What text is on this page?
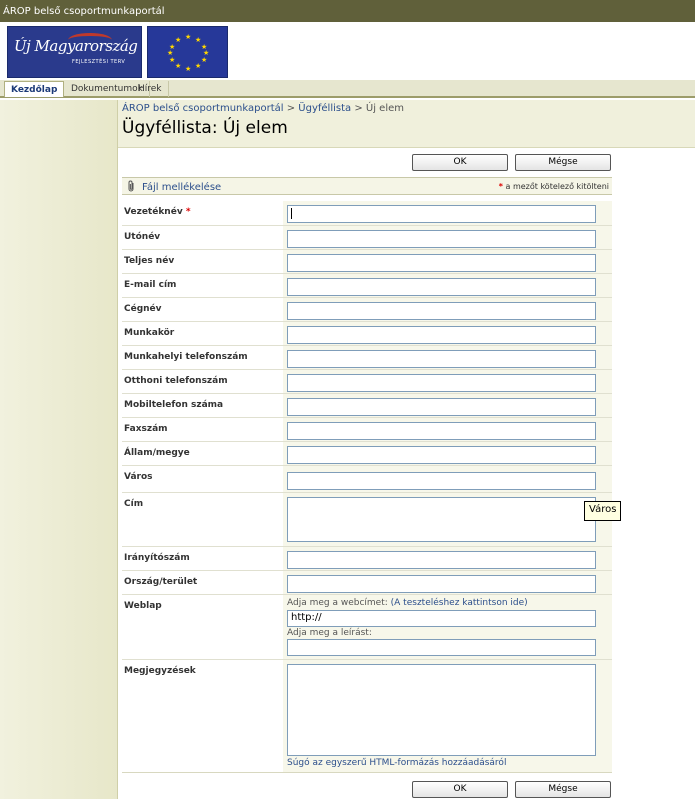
ÁROP belső csoportmunkaportál
Új Magyarország
FEJLESZTÉSI TERV
★ ★
★
★
★
★
★
★
★
★
★
★
Kezdőlap	Dokumentumok
Hírek
ÁROP belső csoportmunkaportál > Ügyféllista > Új elem
Ügyféllista: Új elem
OK	Mégse
Fájl mellékelése	* a mezőt kötelező kitölteni
Vezetéknév *
Utónév
Teljes név
E-mail cím
Cégnév
Munkakör
Munkahelyi telefonszám
Otthoni telefonszám
Mobiltelefon száma
Faxszám
Állam/megye
Város
Cím
Irányítószám
Ország/terület
Weblap	Adja meg a webcímet: (A teszteléshez kattintson ide)
http://
Adja meg a leírást:
Megjegyzések
Súgó az egyszerű HTML-formázás hozzáadásáról
OK	Mégse
Város
